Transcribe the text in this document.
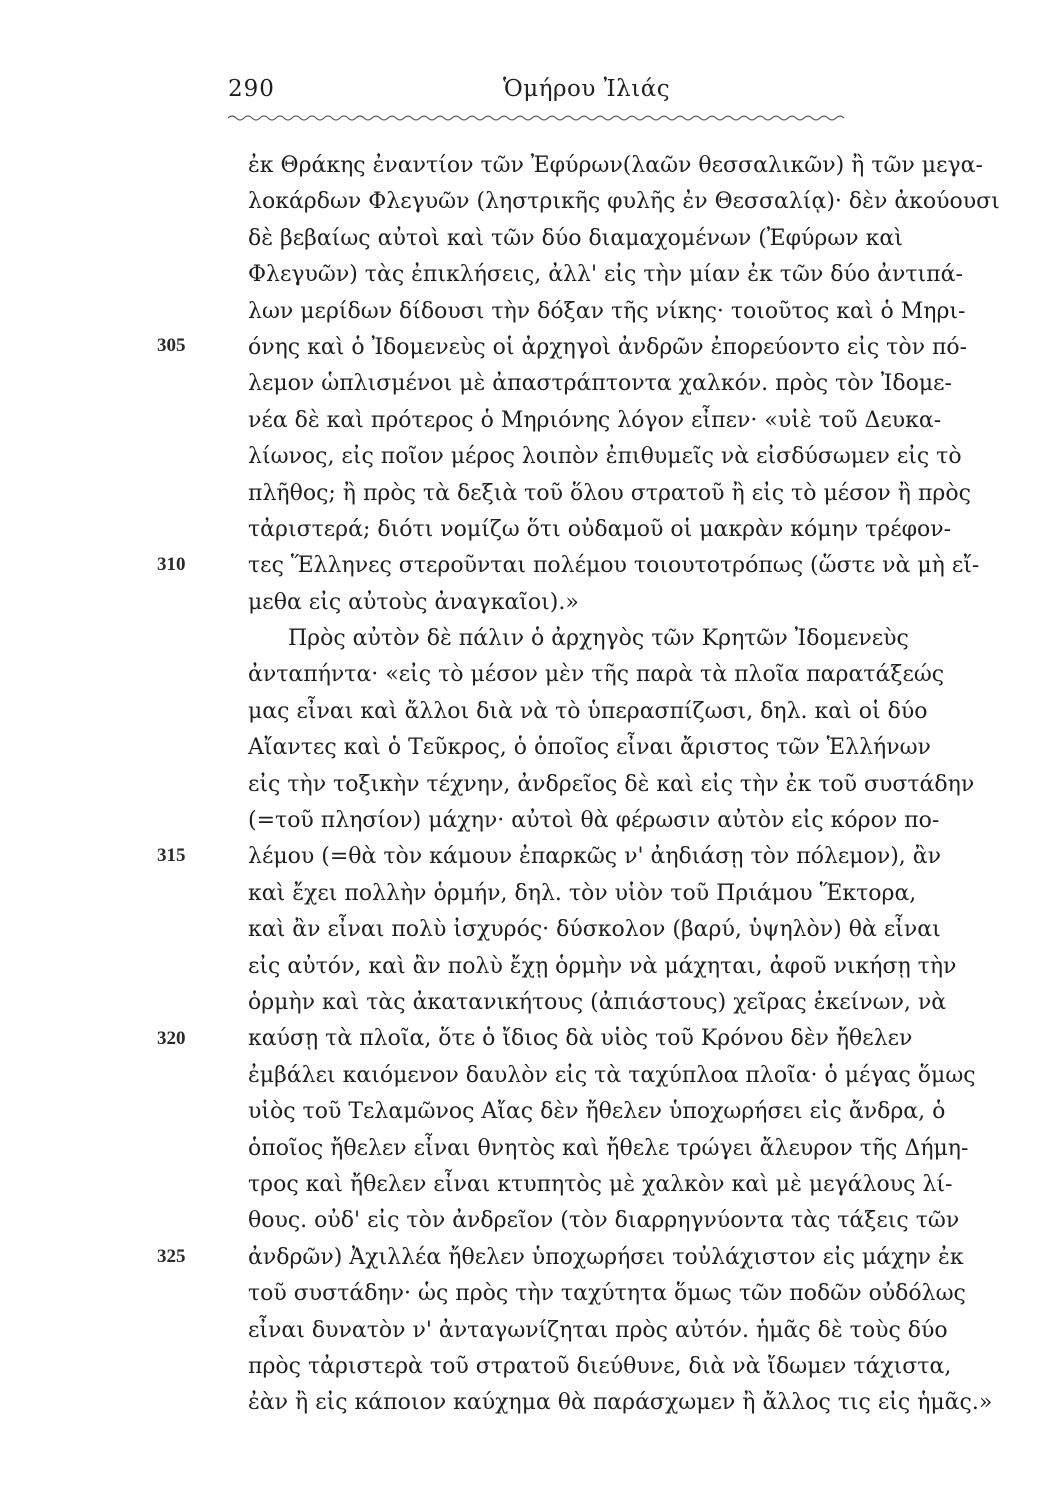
290	Ὁμήρου Ἰλιάς
305
310
315
320
325
ἐκ Θράκης ἐναντίον τῶν Ἐφύρων(λαῶν θεσσαλικῶν) ἢ τῶν μεγα-
λοκάρδων Φλεγυῶν (ληστρικῆς φυλῆς ἐν Θεσσαλίᾳ)· δὲν ἀκούουσι
δὲ βεβαίως αὐτοὶ καὶ τῶν δύο διαμαχομένων (Ἐφύρων καὶ
Φλεγυῶν) τὰς ἐπικλήσεις, ἀλλ' εἰς τὴν μίαν ἐκ τῶν δύο ἀντιπά-
λων μερίδων δίδουσι τὴν δόξαν τῆς νίκης· τοιοῦτος καὶ ὁ Μηρι-
όνης καὶ ὁ Ἰδομενεὺς οἱ ἀρχηγοὶ ἀνδρῶν ἐπορεύοντο εἰς τὸν πό-
λεμον ὡπλισμένοι μὲ ἀπαστράπτοντα χαλκόν. πρὸς τὸν Ἰδομε-
νέα δὲ καὶ πρότερος ὁ Μηριόνης λόγον εἶπεν· «υἱὲ τοῦ Δευκα-
λίωνος, εἰς ποῖον μέρος λοιπὸν ἐπιθυμεῖς νὰ εἰσδύσωμεν εἰς τὸ
πλῆθος; ἢ πρὸς τὰ δεξιὰ τοῦ ὅλου στρατοῦ ἢ εἰς τὸ μέσον ἢ πρὸς
τἀριστερά; διότι νομίζω ὅτι οὐδαμοῦ οἱ μακρὰν κόμην τρέφον-
τες Ἕλληνες στεροῦνται πολέμου τοιουτοτρόπως (ὥστε νὰ μὴ εἴ-
μεθα εἰς αὐτοὺς ἀναγκαῖοι).»
Πρὸς αὐτὸν δὲ πάλιν ὁ ἀρχηγὸς τῶν Κρητῶν Ἰδομενεὺς
ἀνταπήντα· «εἰς τὸ μέσον μὲν τῆς παρὰ τὰ πλοῖα παρατάξεώς
μας εἶναι καὶ ἄλλοι διὰ νὰ τὸ ὑπερασπίζωσι, δηλ. καὶ οἱ δύο
Αἴαντες καὶ ὁ Τεῦκρος, ὁ ὁποῖος εἶναι ἄριστος τῶν Ἑλλήνων
εἰς τὴν τοξικὴν τέχνην, ἀνδρεῖος δὲ καὶ εἰς τὴν ἐκ τοῦ συστάδην
(=τοῦ πλησίον) μάχην· αὐτοὶ θὰ φέρωσιν αὐτὸν εἰς κόρον πο-
λέμου (=θὰ τὸν κάμουν ἐπαρκῶς ν' ἀηδιάσῃ τὸν πόλεμον), ἂν
καὶ ἔχει πολλὴν ὁρμήν, δηλ. τὸν υἱὸν τοῦ Πριάμου Ἕκτορα,
καὶ ἂν εἶναι πολὺ ἰσχυρός· δύσκολον (βαρύ, ὑψηλὸν) θὰ εἶναι
εἰς αὐτόν, καὶ ἂν πολὺ ἔχῃ ὁρμὴν νὰ μάχηται, ἀφοῦ νικήσῃ τὴν
ὁρμὴν καὶ τὰς ἀκατανικήτους (ἀπιάστους) χεῖρας ἐκείνων, νὰ
καύσῃ τὰ πλοῖα, ὅτε ὁ ἴδιος δὰ υἱὸς τοῦ Κρόνου δὲν ἤθελεν
ἐμβάλει καιόμενον δαυλὸν εἰς τὰ ταχύπλοα πλοῖα· ὁ μέγας ὅμως
υἱὸς τοῦ Τελαμῶνος Αἴας δὲν ἤθελεν ὑποχωρήσει εἰς ἄνδρα, ὁ
ὁποῖος ἤθελεν εἶναι θνητὸς καὶ ἤθελε τρώγει ἄλευρον τῆς Δήμη-
τρος καὶ ἤθελεν εἶναι κτυπητὸς μὲ χαλκὸν καὶ μὲ μεγάλους λί-
θους. οὐδ' εἰς τὸν ἀνδρεῖον (τὸν διαρρηγνύοντα τὰς τάξεις τῶν
ἀνδρῶν) Ἀχιλλέα ἤθελεν ὑποχωρήσει τοὐλάχιστον εἰς μάχην ἐκ
τοῦ συστάδην· ὡς πρὸς τὴν ταχύτητα ὅμως τῶν ποδῶν οὐδόλως
εἶναι δυνατὸν ν' ἀνταγωνίζηται πρὸς αὐτόν. ἡμᾶς δὲ τοὺς δύο
πρὸς τἀριστερὰ τοῦ στρατοῦ διεύθυνε, διὰ νὰ ἴδωμεν τάχιστα,
ἐὰν ἢ εἰς κάποιον καύχημα θὰ παράσχωμεν ἢ ἄλλος τις εἰς ἡμᾶς.»
